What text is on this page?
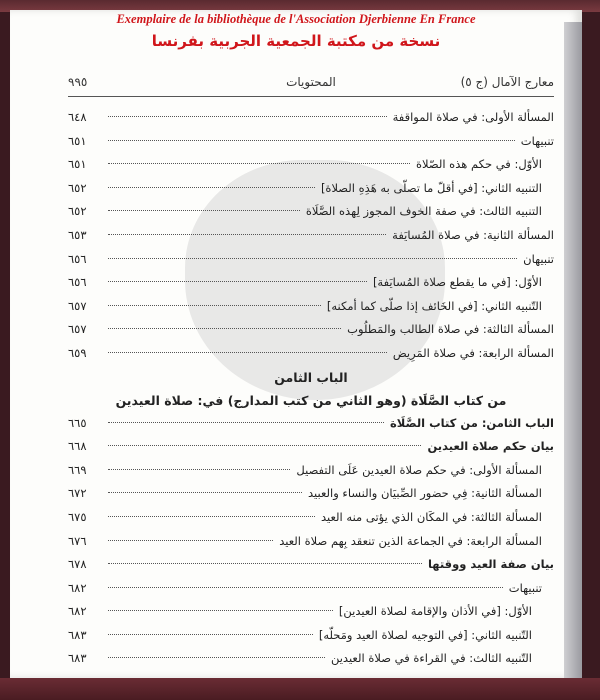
Exemplaire de la bibliothèque de l'Association Djerbienne En France
نسخة من مكتبة الجمعية الجربية بفرنسا
معارج الآمال (ج ٥)
المحتويات
٩٩٥
المسألة الأولى: في صلاة المواقفة
٦٤٨
تنبيهات
٦٥١
الأوّل: في حكم هذه الصّلاة
٦٥١
التنبيه الثاني: [في أقلّ ما تصلّى به هَذِهِ الصلاة]
٦٥٢
التنبيه الثالث: في صفة الخوف المجوز لِهذه الصَّلَاة
٦٥٢
المسألة الثانية: في صلاة المُسايَفة
٦٥٣
تنبيهان
٦٥٦
الأوّل: [في ما يقطع صلاة المُسايَفة]
٦٥٦
التّنبيه الثاني: [في الخَائف إذا صلّى كما أمكنه]
٦٥٧
المسألة الثالثة: في صلاة الطالب والمَطلُوب
٦٥٧
المسألة الرابعة: في صلاة المَرِيض
٦٥٩
الباب الثامن
من كتاب الصَّلَاة (وهو الثاني من كتب المدارج) في: صلاة العيدين
الباب الثامن: من كتاب الصَّلَاة
٦٦٥
بيان حكم صلاة العيدين
٦٦٨
المسألة الأولى: في حكم صلاة العيدين عَلَى التفصيل
٦٦٩
المسألة الثانية: فِي حضور الصِّبيَان والنساء والعبيد
٦٧٢
المسألة الثالثة: في المكَان الذي يؤتى منه العيد
٦٧٥
المسألة الرابعة: في الجماعة الذين تنعقد بِهم صلاة العيد
٦٧٦
بيان صفة العيد ووقتها
٦٧٨
تنبيهات
٦٨٢
الأوّل: [في الأذان والإقامة لصلاة العيدين]
٦٨٢
التّنبيه الثاني: [في التوجيه لصلاة العيد ومَحلّه]
٦٨٣
التّنبيه الثالث: في القراءة في صلاة العيدين
٦٨٣
